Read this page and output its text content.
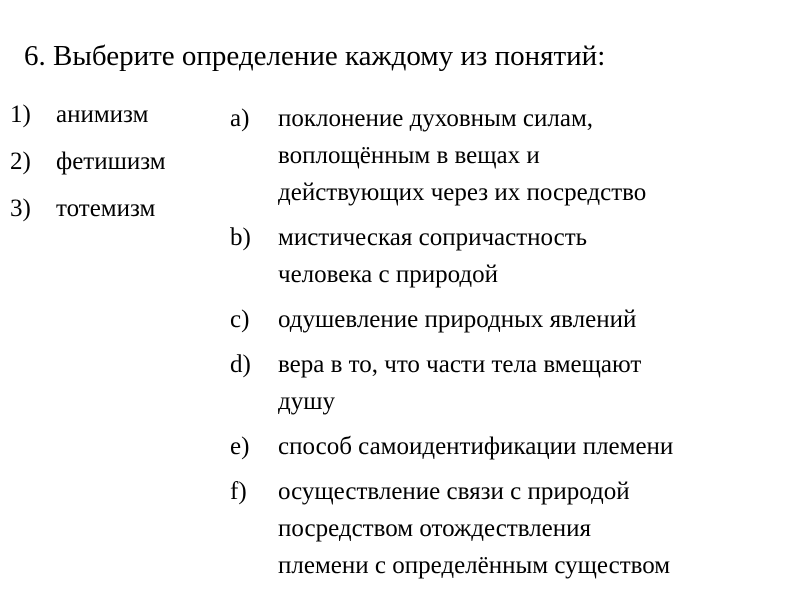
6. Выберите определение каждому из понятий:
1)	анимизм
2)	фетишизм
3)	тотемизм
a)	поклонение духовным силам,
воплощённым в вещах и
действующих через их посредство
b)	мистическая сопричастность
человека с природой
c)	одушевление природных явлений
d)	вера в то, что части тела вмещают
душу
e)	способ самоидентификации племени
f)	осуществление связи с природой
посредством отождествления
племени с определённым существом
